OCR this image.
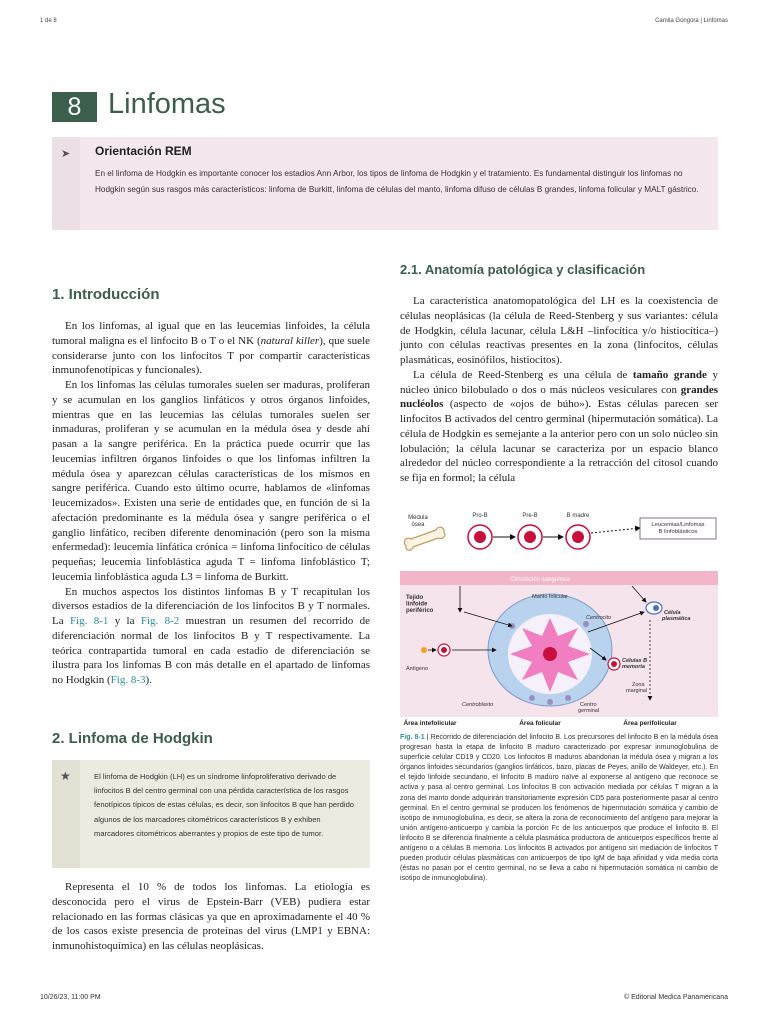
1 de 8	Camila Gongora | Linfomas
8 Linfomas
➤ Orientación REM
En el linfoma de Hodgkin es importante conocer los estadios Ann Arbor, los tipos de linfoma de Hodgkin y el tratamiento. Es fundamental distinguir los linfomas no Hodgkin según sus rasgos más característicos: linfoma de Burkitt, linfoma de células del manto, linfoma difuso de células B grandes, linfoma folicular y MALT gástrico.
1. Introducción

En los linfomas, al igual que en las leucemias linfoides, la célula tumoral maligna es el linfocito B o T o el NK (natural killer), que suele considerarse junto con los linfocitos T por compartir características inmunofenotípicas y funcionales).

En los linfomas las células tumorales suelen ser maduras, proliferan y se acumulan en los ganglios linfáticos y otros órganos linfoides, mientras que en las leucemias las células tumorales suelen ser inmaduras, proliferan y se acumulan en la médula ósea y desde ahí pasan a la sangre periférica. En la práctica puede ocurrir que las leucemias infiltren órganos linfoides o que los linfomas infiltren la médula ósea y aparezcan células características de los mismos en sangre periférica. Cuando esto último ocurre, hablamos de «linfomas leucemizados». Existen una serie de entidades que, en función de si la afectación predominante es la médula ósea y sangre periférica o el ganglio linfático, reciben diferente denominación (pero son la misma enfermedad): leucemia linfática crónica = linfoma linfocítico de células pequeñas; leucemia linfoblástica aguda T = linfoma linfoblástico T; leucemia linfoblástica aguda L3 = linfoma de Burkitt.

En muchos aspectos los distintos linfomas B y T recapitulan los diversos estadios de la diferenciación de los linfocitos B y T normales. La Fig. 8-1 y la Fig. 8-2 muestran un resumen del recorrido de diferenciación normal de los linfocitos B y T respectivamente. La teórica contrapartida tumoral en cada estadio de diferenciación se ilustra para los linfomas B con más detalle en el apartado de linfomas no Hodgkin (Fig. 8-3).

2. Linfoma de Hodgkin
★	El linfoma de Hodgkin (LH) es un síndrome linfoproliferativo derivado de linfocitos B del centro germinal con una pérdida característica de los rasgos fenotípicos típicos de estas células, es decir, son linfocitos B que han perdido algunos de los marcadores citométricos característicos B y exhiben marcadores citométricos aberrantes y propios de este tipo de tumor.

Representa el 10 % de todos los linfomas. La etiología es desconocida pero el virus de Epstein-Barr (VEB) pudiera estar relacionado en las formas clásicas ya que en aproximadamente el 40 % de los casos existe presencia de proteínas del virus (LMP1 y EBNA: inmunohistoquímica) en las células neoplásicas.

2.1. Anatomía patológica y clasificación

La característica anatomopatológica del LH es la coexistencia de células neoplásicas (la célula de Reed-Stenberg y sus variantes: célula de Hodgkin, célula lacunar, célula L&H –linfocítica y/o histiocítica–) junto con células reactivas presentes en la zona (linfocitos, células plasmáticas, eosinófilos, histiocitos).

La célula de Reed-Stenberg es una célula de tamaño grande y núcleo único bilobulado o dos o más núcleos vesiculares con grandes nucléolos (aspecto de «ojos de búho»). Estas células parecen ser linfocitos B activados del centro germinal (hipermutación somática). La célula de Hodgkin es semejante a la anterior pero con un solo núcleo sin lobulación; la célula lacunar se caracteriza por un espacio blanco alrededor del núcleo correspondiente a la retracción del citosol cuando se fija en formol; la célula

Médula ósea
Pro-B	Pre-B	B madre
Leucemias/Linfomas B linfoblásticos
Circulación sanguínea
Tejido linfoide periférico
Manto folicular
Centrocito
Célula plasmática
Células B memoria
Antígeno
Zona marginal
Centroblasto	Centro germinal
Área intefolicular	Área folicular	Área perifolicular
Fig. 8-1 | Recorrido de diferenciación del linfocito B. Los precursores del linfocito B en la médula ósea progresan hasta la etapa de linfocito B maduro caracterizado por expresar inmunoglobulina de superficie celular CD19 y CD20. Los linfocitos B maduros abandonan la médula ósea y migran a los órganos linfoides secundarios (ganglios linfáticos, bazo, placas de Peyes, anillo de Waldeyer, etc.). En el tejido linfoide secundario, el linfocito B maduro naïve al exponerse al antígeno que reconoce se activa y pasa al centro germinal. Los linfocitos B con activación mediada por células T migran a la zona del manto donde adquirirán transitoriamente expresión CD5 para posteriormente pasar al centro germinal. En el centro germinal se producen los fenómenos de hipermutación somática y cambio de isotipo de inmunoglobulina, es decir, se altera la zona de reconocimiento del antígeno para mejorar la unión antígeno-anticuerpo y cambia la porción Fc de los anticuerpos que produce el linfocito B. El linfocito B se diferencia finalmente a célula plasmática productora de anticuerpos específicos frente al antígeno o a células B memoria. Los linfocitos B activados por antígeno sin mediación de linfocitos T pueden producir células plasmáticas con anticuerpos de tipo IgM de baja afinidad y vida media corta (éstas no pasan por el centro germinal, no se lleva a cabo ni hipermutación somática ni cambio de isotipo de inmunoglobulina).
10/26/23, 11:00 PM	© Editorial Medica Panamericana
